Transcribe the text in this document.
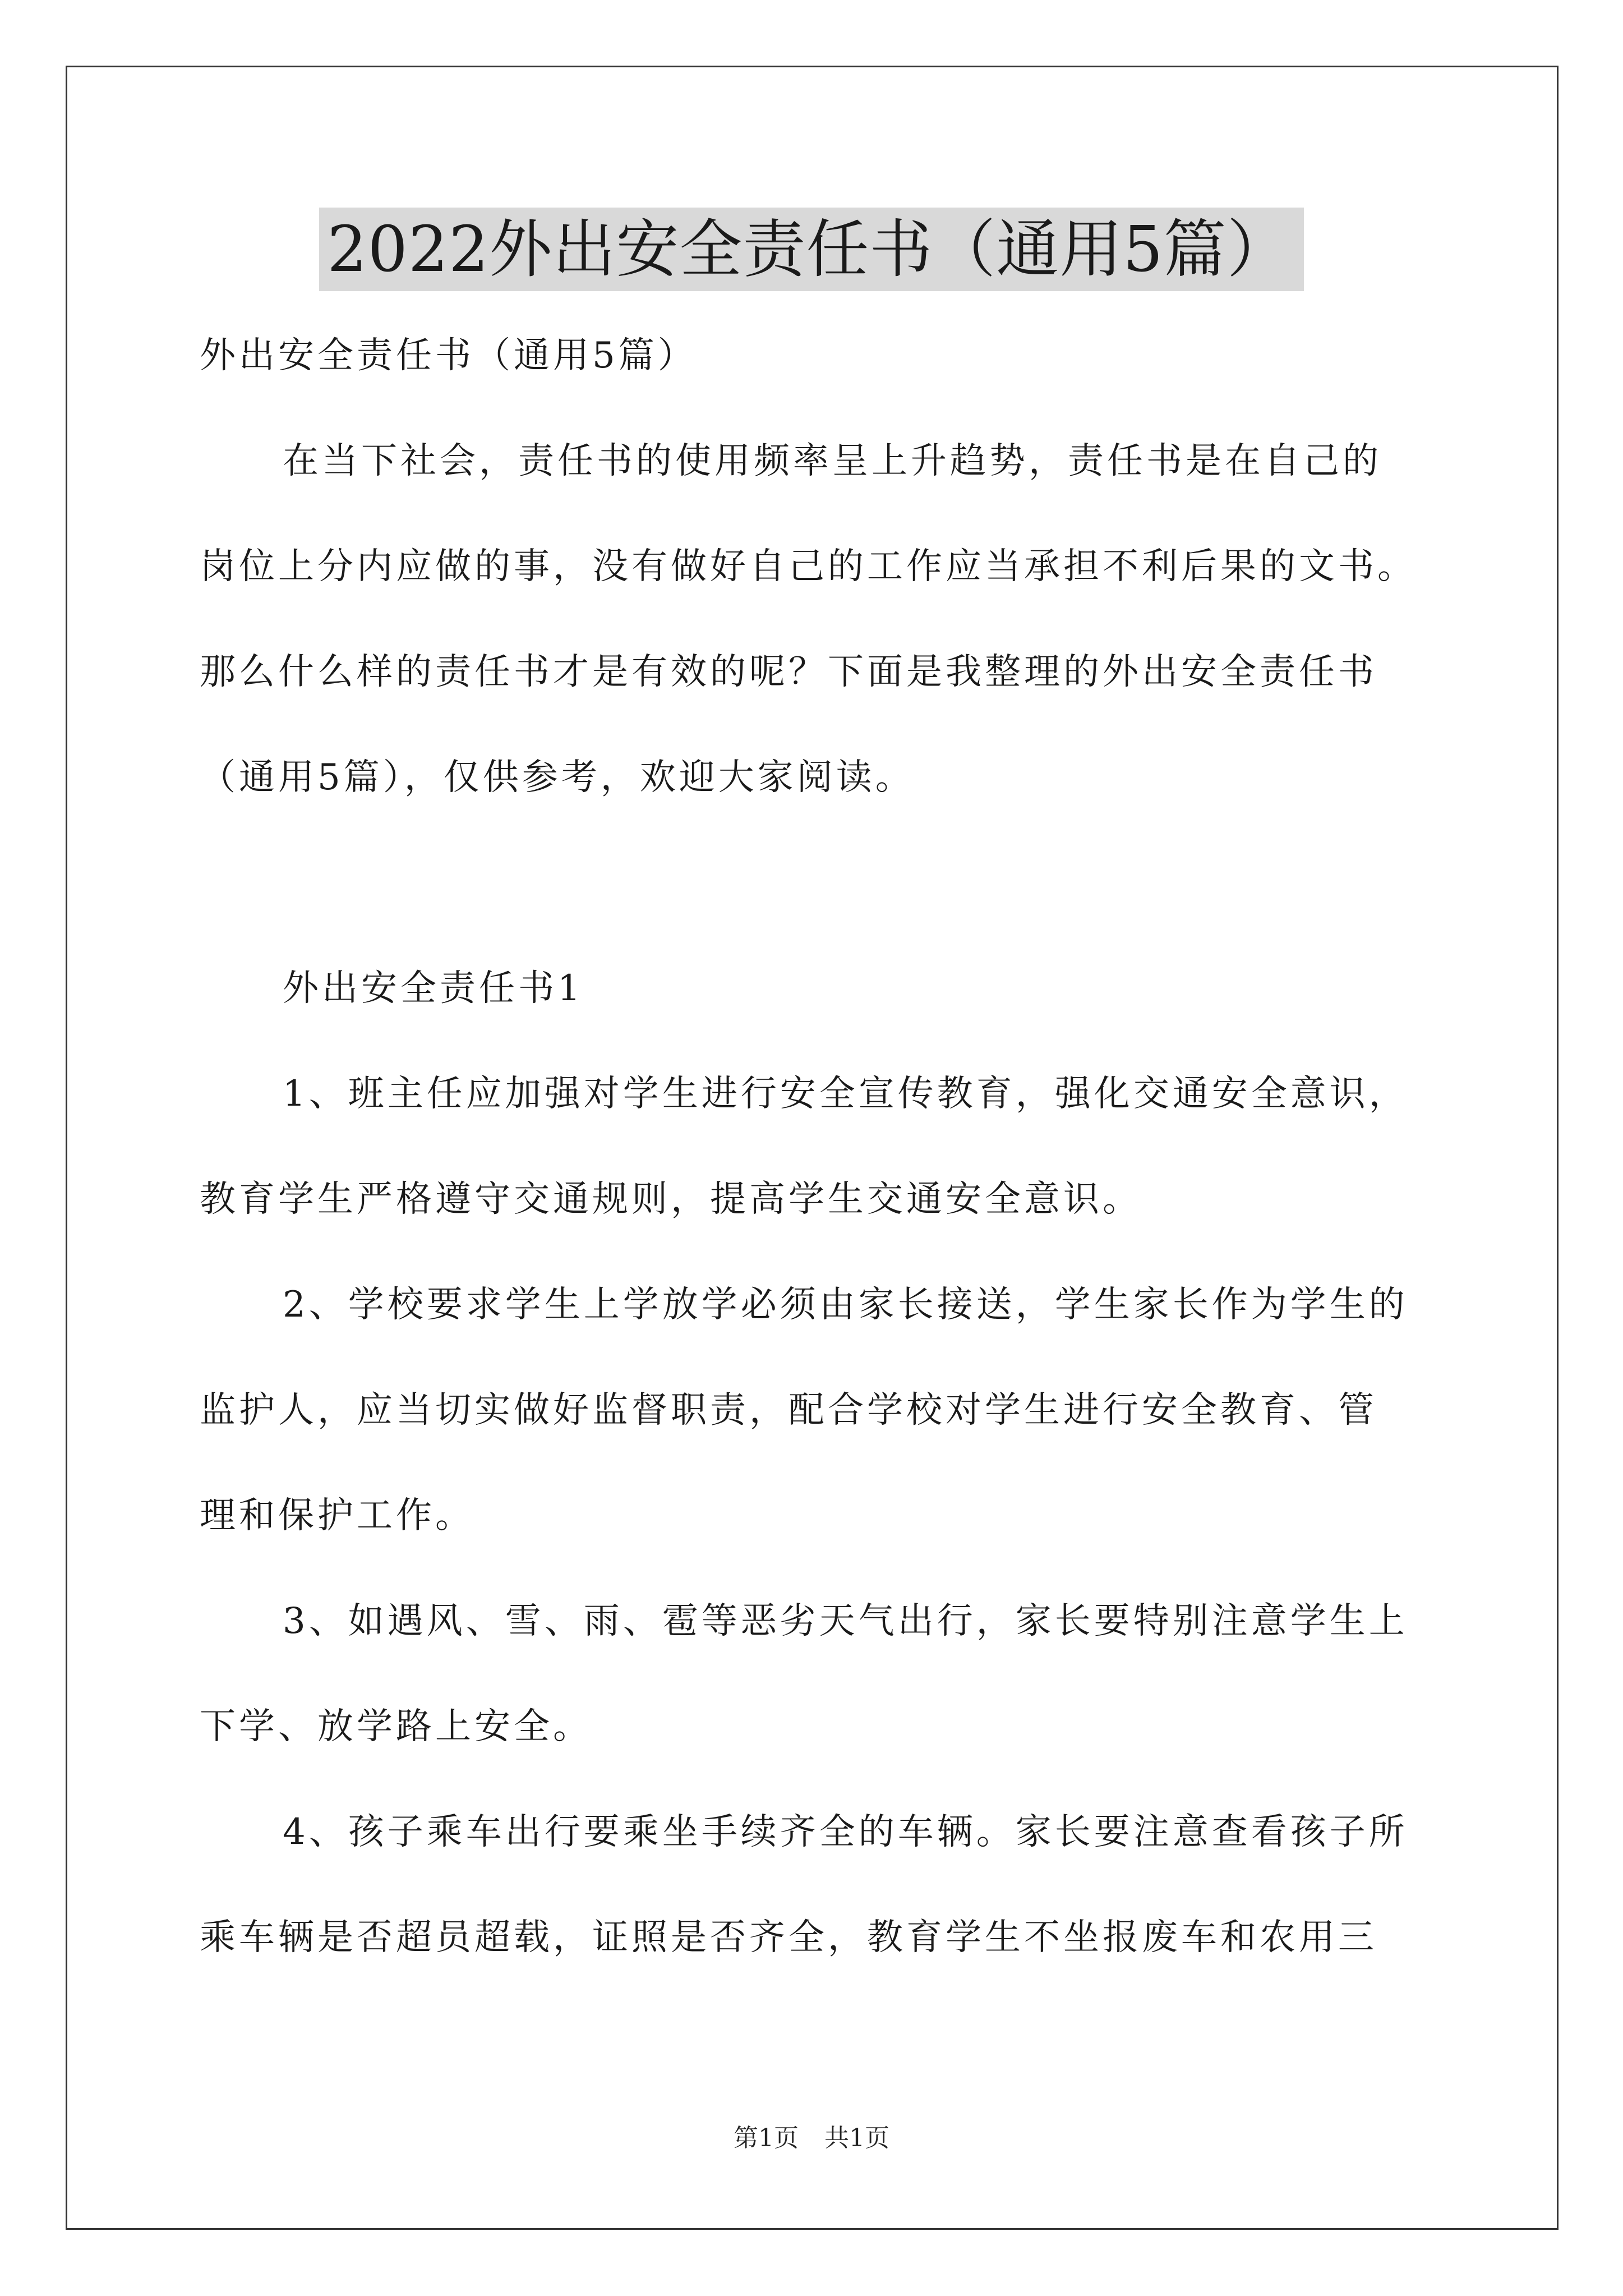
2022外出安全责任书（通用5篇）

外出安全责任书（通用5篇）

在当下社会，责任书的使用频率呈上升趋势，责任书是在自己的

岗位上分内应做的事，没有做好自己的工作应当承担不利后果的文书。

那么什么样的责任书才是有效的呢？下面是我整理的外出安全责任书

（通用5篇），仅供参考，欢迎大家阅读。

外出安全责任书1

1、班主任应加强对学生进行安全宣传教育，强化交通安全意识，

教育学生严格遵守交通规则，提高学生交通安全意识。

2、学校要求学生上学放学必须由家长接送，学生家长作为学生的

监护人，应当切实做好监督职责，配合学校对学生进行安全教育、管

理和保护工作。

3、如遇风、雪、雨、雹等恶劣天气出行，家长要特别注意学生上

下学、放学路上安全。

4、孩子乘车出行要乘坐手续齐全的车辆。家长要注意查看孩子所

乘车辆是否超员超载，证照是否齐全，教育学生不坐报废车和农用三

第1页 共1页
